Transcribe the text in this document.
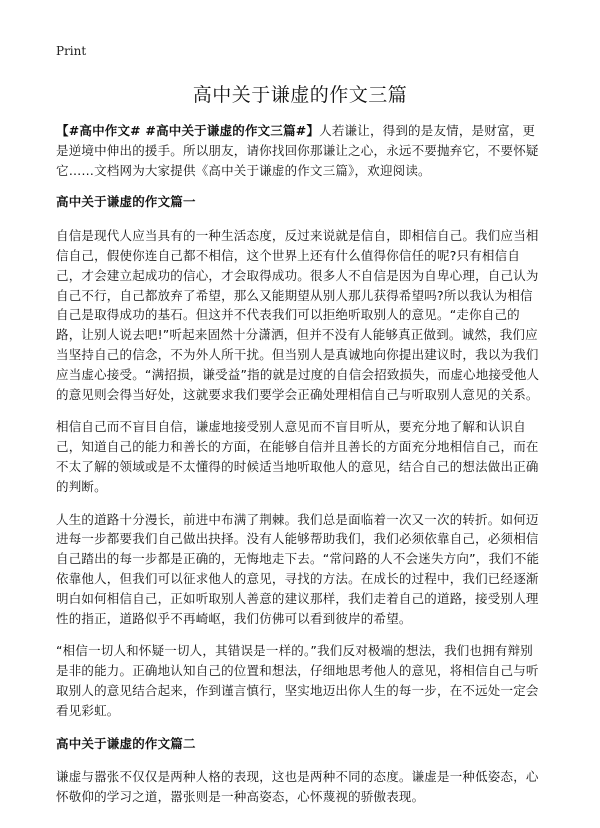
Print
高中关于谦虚的作文三篇

【#高中作文# #高中关于谦虚的作文三篇#】人若谦让，得到的是友情，是财富，更是逆境中伸出的援手。所以朋友，请你找回你那谦让之心，永远不要抛弃它，不要怀疑它……文档网为大家提供《高中关于谦虚的作文三篇》，欢迎阅读。

高中关于谦虚的作文篇一

自信是现代人应当具有的一种生活态度，反过来说就是信自，即相信自己。我们应当相信自己，假使你连自己都不相信，这个世界上还有什么值得你信任的呢?只有相信自己，才会建立起成功的信心，才会取得成功。很多人不自信是因为自卑心理，自己认为自己不行，自己都放弃了希望，那么又能期望从别人那儿获得希望吗?所以我认为相信自己是取得成功的基石。但这并不代表我们可以拒绝听取别人的意见。“走你自己的路，让别人说去吧!”听起来固然十分潇洒，但并不没有人能够真正做到。诚然，我们应当坚持自己的信念，不为外人所干扰。但当别人是真诚地向你提出建议时，我以为我们应当虚心接受。“满招损，谦受益”指的就是过度的自信会招致损失，而虚心地接受他人的意见则会得当好处，这就要求我们要学会正确处理相信自己与听取别人意见的关系。

相信自己而不盲目自信，谦虚地接受别人意见而不盲目听从，要充分地了解和认识自己，知道自己的能力和善长的方面，在能够自信并且善长的方面充分地相信自己，而在不太了解的领域或是不太懂得的时候适当地听取他人的意见，结合自己的想法做出正确的判断。

人生的道路十分漫长，前进中布满了荆棘。我们总是面临着一次又一次的转折。如何迈进每一步都要我们自己做出抉择。没有人能够帮助我们，我们必须依靠自己，必须相信自己踏出的每一步都是正确的，无悔地走下去。“常问路的人不会迷失方向”，我们不能依靠他人，但我们可以征求他人的意见，寻找的方法。在成长的过程中，我们已经逐渐明白如何相信自己，正如听取别人善意的建议那样，我们走着自己的道路，接受别人理性的指正，道路似乎不再崎岖，我们仿佛可以看到彼岸的希望。

“相信一切人和怀疑一切人，其错误是一样的。”我们反对极端的想法，我们也拥有辩别是非的能力。正确地认知自己的位置和想法，仔细地思考他人的意见，将相信自己与听取别人的意见结合起来，作到谨言慎行，坚实地迈出你人生的每一步，在不远处一定会看见彩虹。

高中关于谦虚的作文篇二

谦虚与嚣张不仅仅是两种人格的表现，这也是两种不同的态度。谦虚是一种低姿态，心怀敬仰的学习之道，嚣张则是一种高姿态，心怀蔑视的骄傲表现。
